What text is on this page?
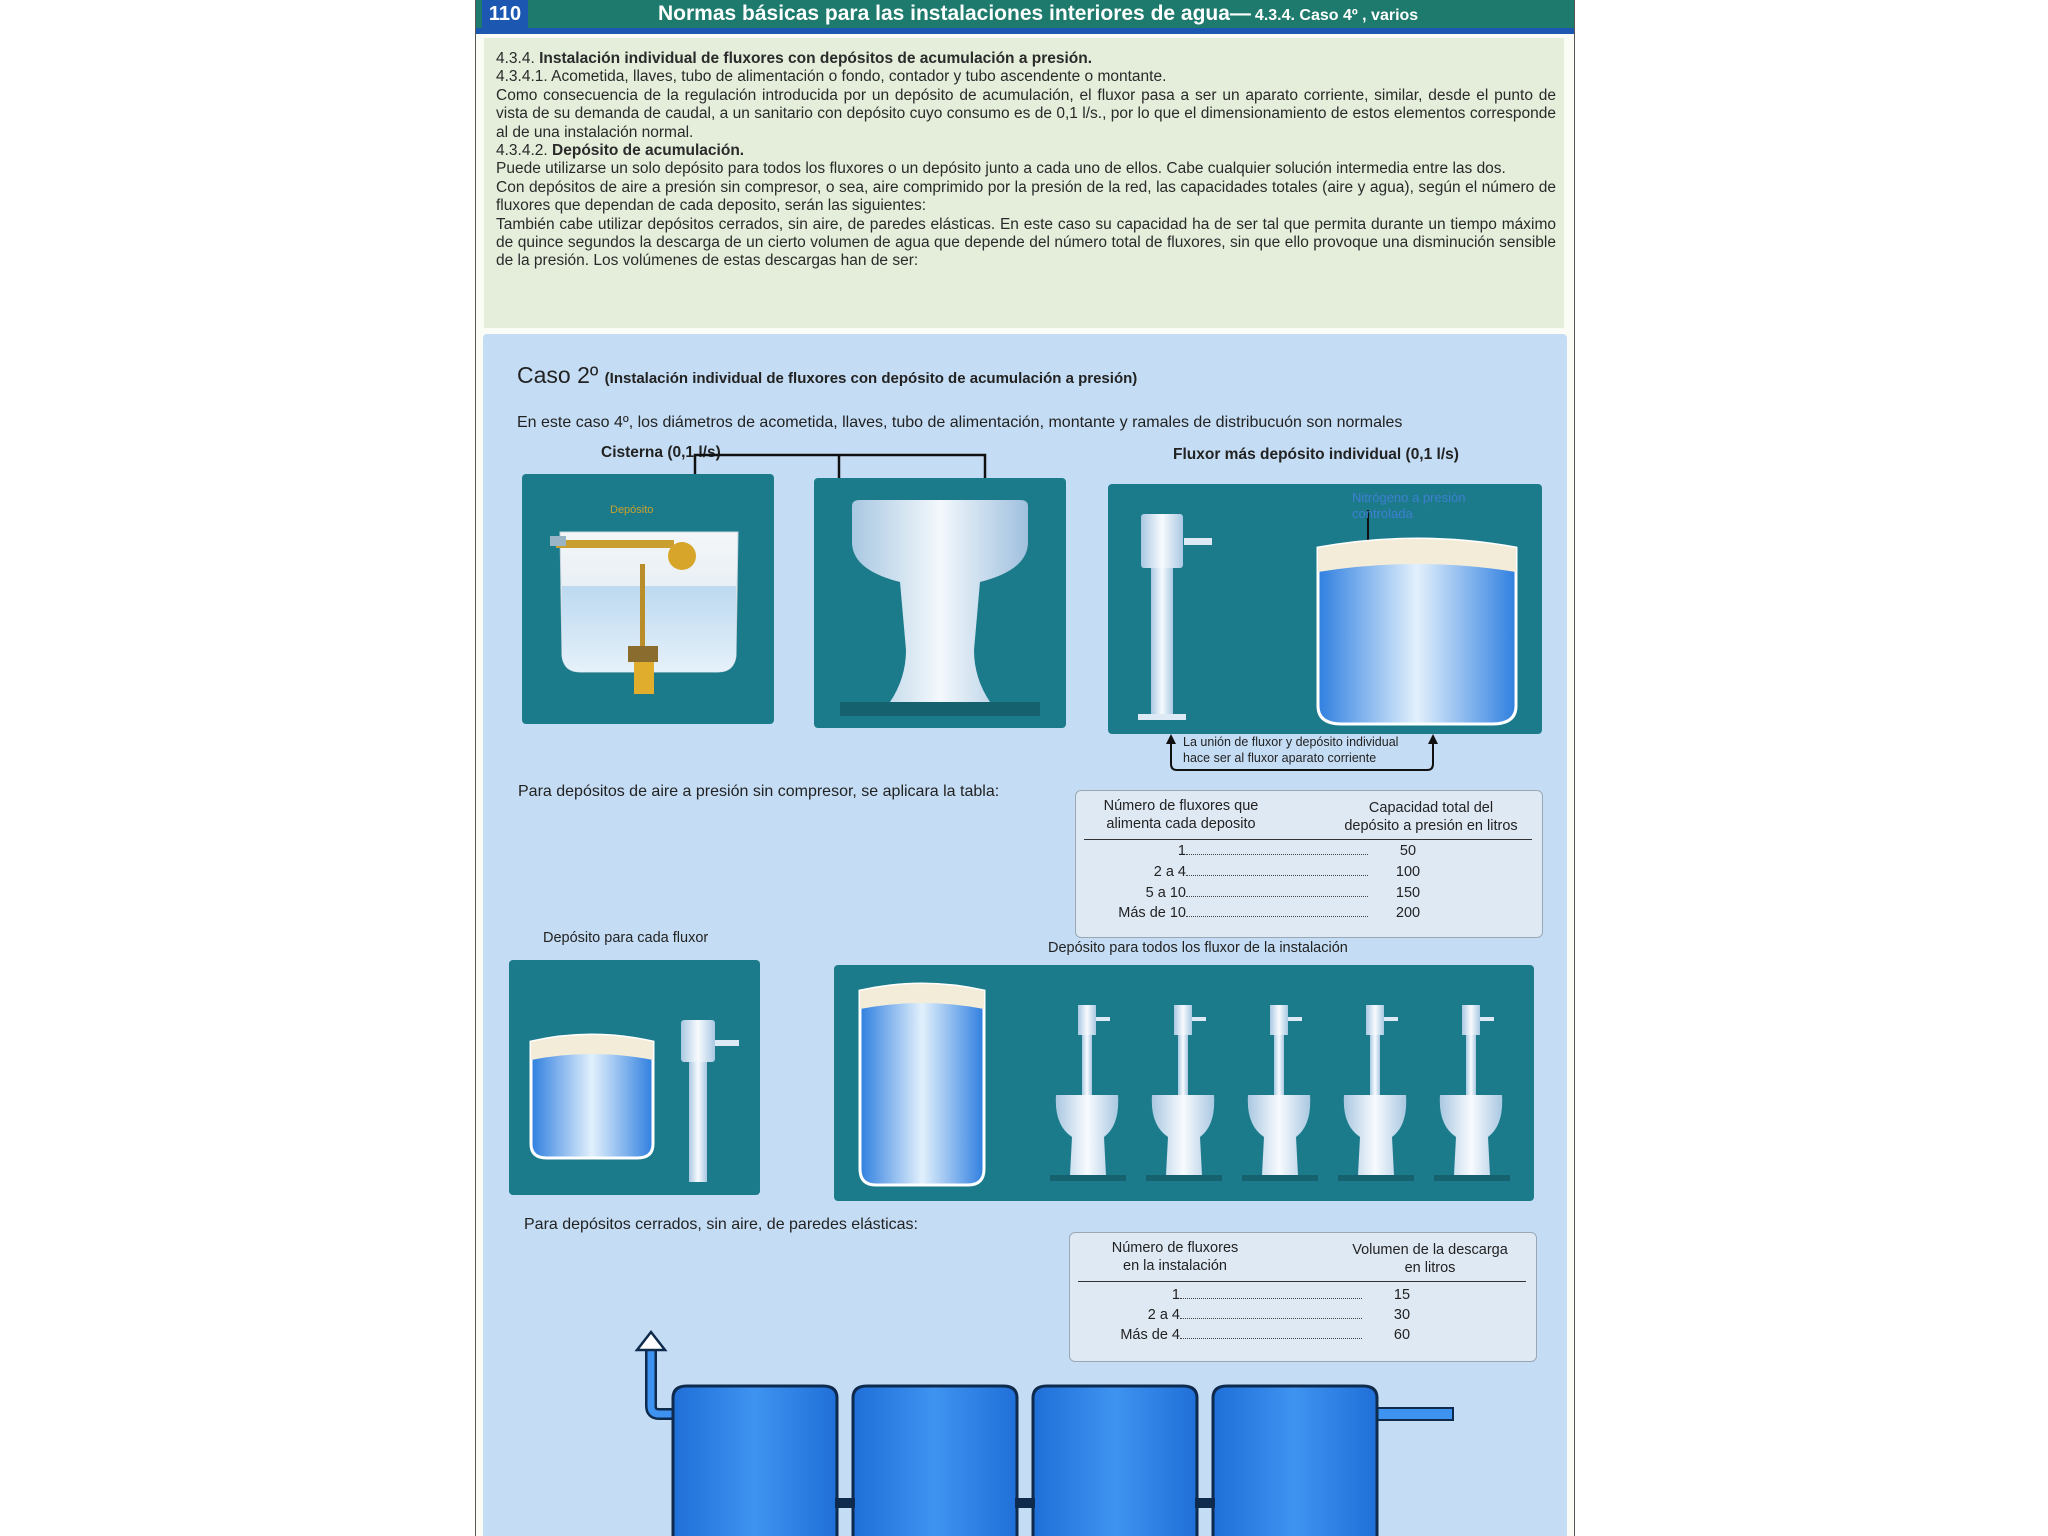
110	Normas básicas para las instalaciones interiores de agua— 4.3.4. Caso 4º , varios

4.3.4. Instalación individual de fluxores con depósitos de acumulación a presión.

4.3.4.1. Acometida, llaves, tubo de alimentación o fondo, contador y tubo ascendente o montante.

Como consecuencia de la regulación introducida por un depósito de acumulación, el fluxor pasa a ser un aparato corriente, similar, desde el punto de vista de su demanda de caudal, a un sanitario con depósito cuyo consumo es de 0,1 l/s., por lo que el dimensionamiento de estos elementos corresponde al de una instalación normal.

4.3.4.2. Depósito de acumulación.

Puede utilizarse un solo depósito para todos los fluxores o un depósito junto a cada uno de ellos. Cabe cualquier solución intermedia entre las dos.

Con depósitos de aire a presión sin compresor, o sea, aire comprimido por la presión de la red, las capacidades totales (aire y agua), según el número de fluxores que dependan de cada deposito, serán las siguientes:

También cabe utilizar depósitos cerrados, sin aire, de paredes elásticas. En este caso su capacidad ha de ser tal que permita durante un tiempo máximo de quince segundos la descarga de un cierto volumen de agua que depende del número total de fluxores, sin que ello provoque una disminución sensible de la presión. Los volúmenes de estas descargas han de ser:

Caso 2º (Instalación individual de fluxores con depósito de acumulación a presión)
En este caso 4º, los diámetros de acometida, llaves, tubo de alimentación, montante y ramales de distribucuón son normales
Cisterna (0,1 l/s)	Fluxor más depósito individual (0,1 l/s)
Depósito
Nitrógeno a presión controlada
La unión de fluxor y depósito individual
hace ser al fluxor aparato corriente
Para depósitos de aire a presión sin compresor, se aplicara la tabla:
Número de fluxores que
alimenta cada deposito
Capacidad total del
depósito a presión en litros
1	50
2 a 4	100
5 a 10	150
Más de 10	200
Depósito para cada fluxor
Depósito para todos los fluxor de la instalación
Para depósitos cerrados, sin aire, de paredes elásticas:
Número de fluxores
en la instalación
Volumen de la descarga
en litros
1	15
2 a 4	30
Más de 4	60
